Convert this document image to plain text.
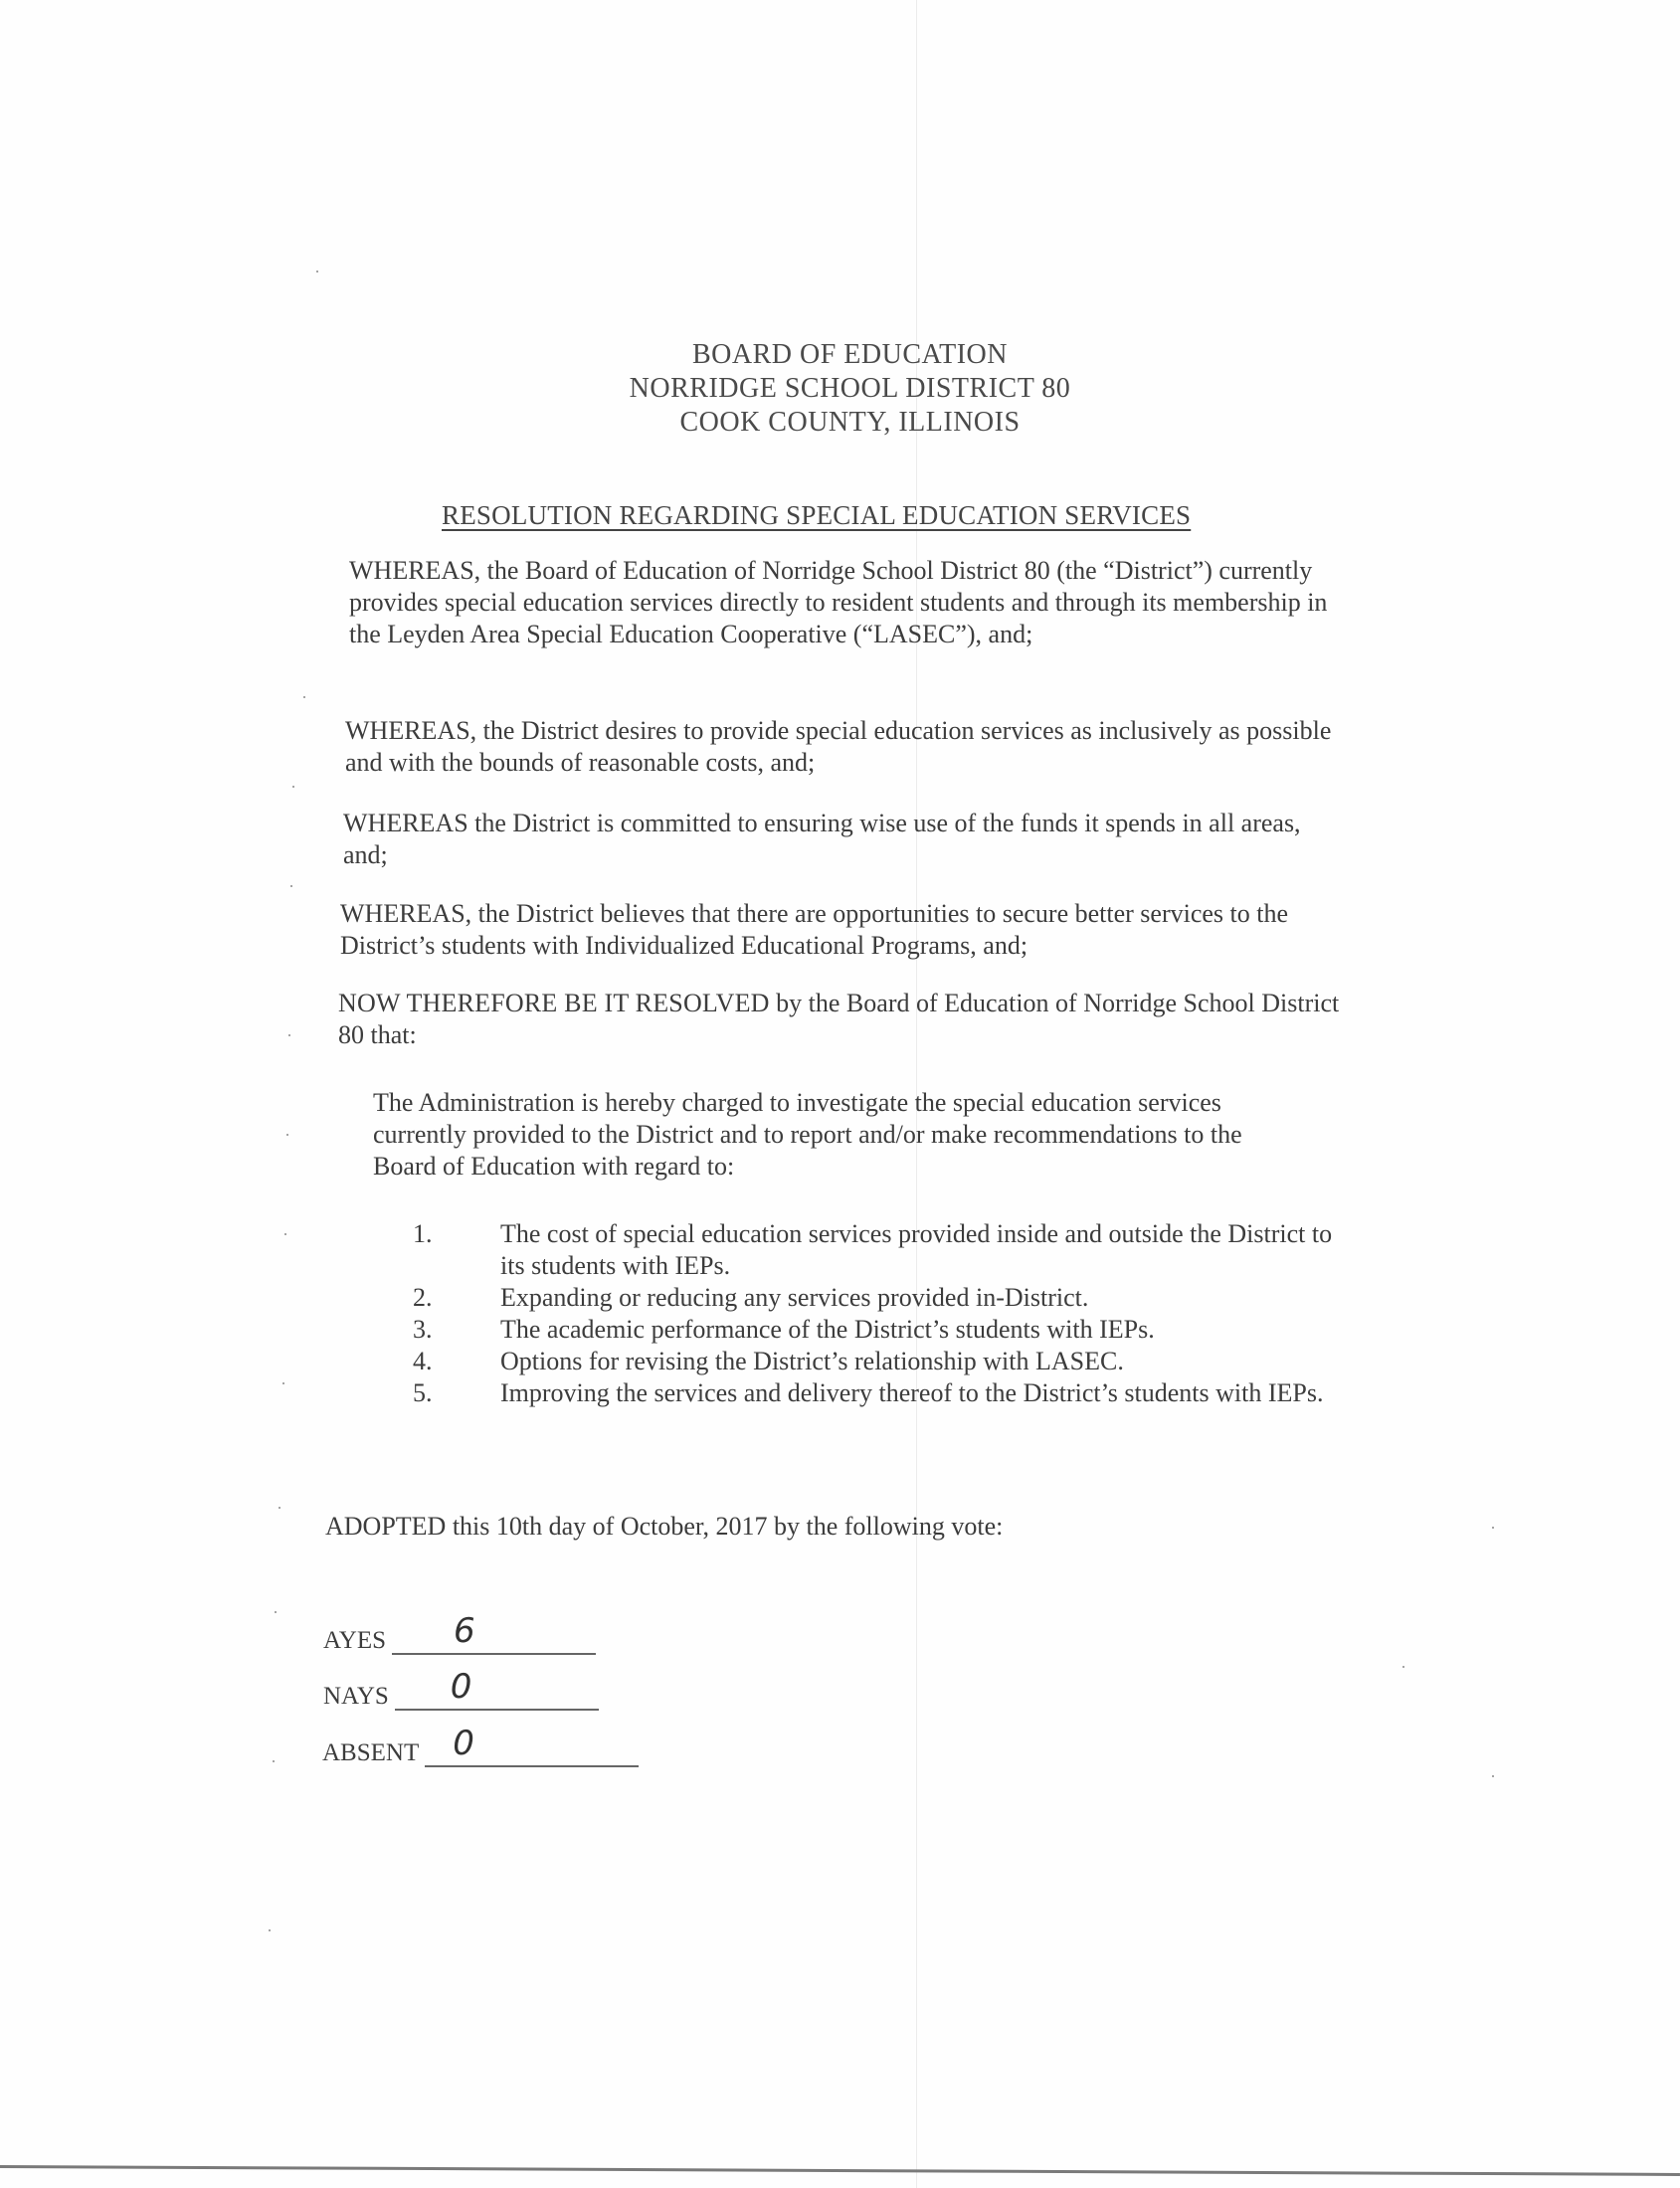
BOARD OF EDUCATION
NORRIDGE SCHOOL DISTRICT 80
COOK COUNTY, ILLINOIS
RESOLUTION REGARDING SPECIAL EDUCATION SERVICES
WHEREAS, the Board of Education of Norridge School District 80 (the “District”) currently provides special education services directly to resident students and through its membership in the Leyden Area Special Education Cooperative (“LASEC”), and;
WHEREAS, the District desires to provide special education services as inclusively as possible and with the bounds of reasonable costs, and;
WHEREAS the District is committed to ensuring wise use of the funds it spends in all areas, and;
WHEREAS, the District believes that there are opportunities to secure better services to the District’s students with Individualized Educational Programs, and;
NOW THEREFORE BE IT RESOLVED by the Board of Education of Norridge School District 80 that:
The Administration is hereby charged to investigate the special education services currently provided to the District and to report and/or make recommendations to the Board of Education with regard to:
1.	The cost of special education services provided inside and outside the District to its students with IEPs.
2.	Expanding or reducing any services provided in-District.
3.	The academic performance of the District’s students with IEPs.
4.	Options for revising the District’s relationship with LASEC.
5.	Improving the services and delivery thereof to the District’s students with IEPs.
ADOPTED this 10th day of October, 2017 by the following vote:
AYES 6
NAYS 0
ABSENT 0
